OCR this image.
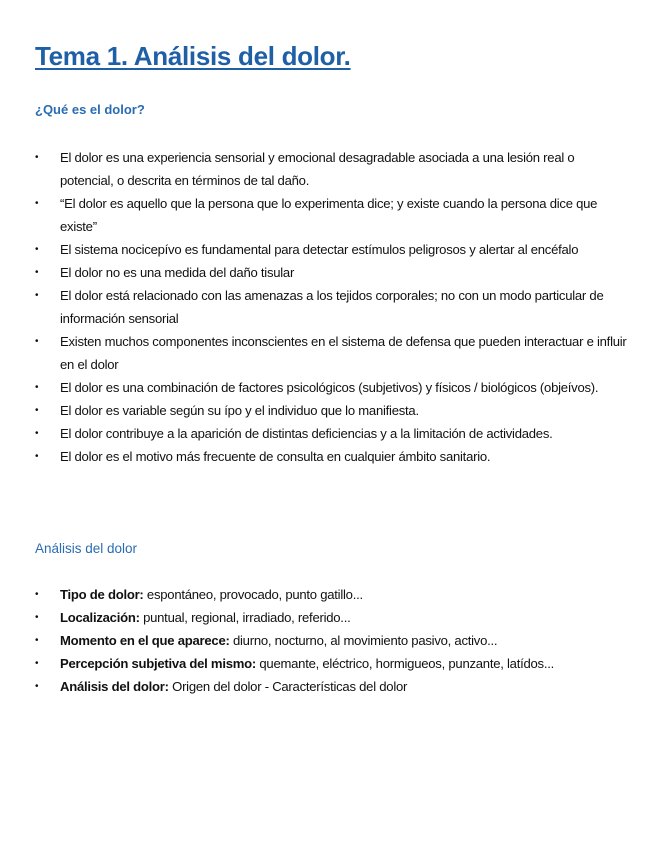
Tema 1. Análisis del dolor.
¿Qué es el dolor?
• El dolor es una experiencia sensorial y emocional desagradable asociada a una lesión real o potencial, o descrita en términos de tal daño.
• “El dolor es aquello que la persona que lo experimenta dice; y existe cuando la persona dice que existe”
• El sistema nocicepívo es fundamental para detectar estímulos peligrosos y alertar al encéfalo
• El dolor no es una medida del daño tisular
• El dolor está relacionado con las amenazas a los tejidos corporales; no con un modo particular de información sensorial
• Existen muchos componentes inconscientes en el sistema de defensa que pueden interactuar e influir en el dolor
• El dolor es una combinación de factores psicológicos (subjetivos) y físicos / biológicos (objeívos).
• El dolor es variable según su ípo y el individuo que lo manifiesta.
• El dolor contribuye a la aparición de distintas deficiencias y a la limitación de actividades.
• El dolor es el motivo más frecuente de consulta en cualquier ámbito sanitario.
Análisis del dolor
• Tipo de dolor: espontáneo, provocado, punto gatillo...
• Localización: puntual, regional, irradiado, referido...
• Momento en el que aparece: diurno, nocturno, al movimiento pasivo, activo...
• Percepción subjetiva del mismo: quemante, eléctrico, hormigueos, punzante, latídos...
• Análisis del dolor: Origen del dolor - Características del dolor
